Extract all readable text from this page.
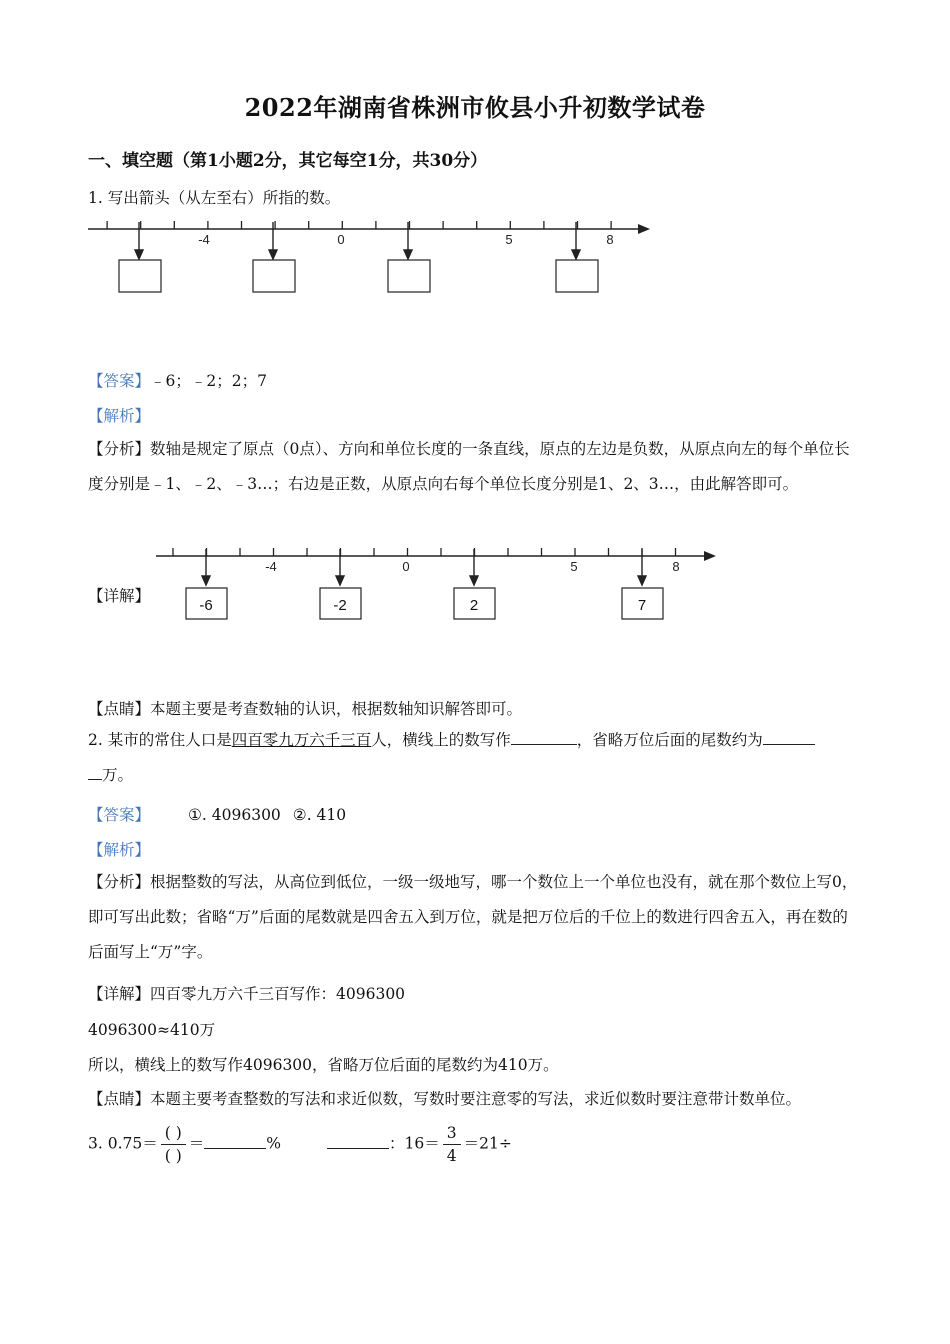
2022年湖南省株洲市攸县小升初数学试卷
一、填空题（第1小题2分，其它每空1分，共30分）
1. 写出箭头（从左至右）所指的数。
-4	0	5	8
【答案】﹣6；﹣2；2；7
【解析】
【分析】数轴是规定了原点（0点）、方向和单位长度的一条直线，原点的左边是负数，从原点向左的每个单位长度分别是﹣1、﹣2、﹣3…；右边是正数，从原点向右每个单位长度分别是1、2、3…，由此解答即可。
【详解】
-4	0	5	8
-6	-2	2	7
【点睛】本题主要是考查数轴的认识，根据数轴知识解答即可。
2. 某市的常住人口是四百零九万六千三百人，横线上的数写作	，省略万位后面的尾数约为
万。
【答案】 ①. 4096300 ②. 410
【解析】
【分析】根据整数的写法，从高位到低位，一级一级地写，哪一个数位上一个单位也没有，就在那个数位上写0，即可写出此数；省略“万”后面的尾数就是四舍五入到万位，就是把万位后的千位上的数进行四舍五入，再在数的后面写上“万”字。
【详解】四百零九万六千三百写作：4096300
4096300≈410万
所以，横线上的数写作4096300，省略万位后面的尾数约为410万。
【点睛】本题主要考查整数的写法和求近似数，写数时要注意零的写法，求近似数时要注意带计数单位。
3. $0.75= \frac{( )}{( )}$ ＝	%	：$16= \frac{3}{4} =21\div$
